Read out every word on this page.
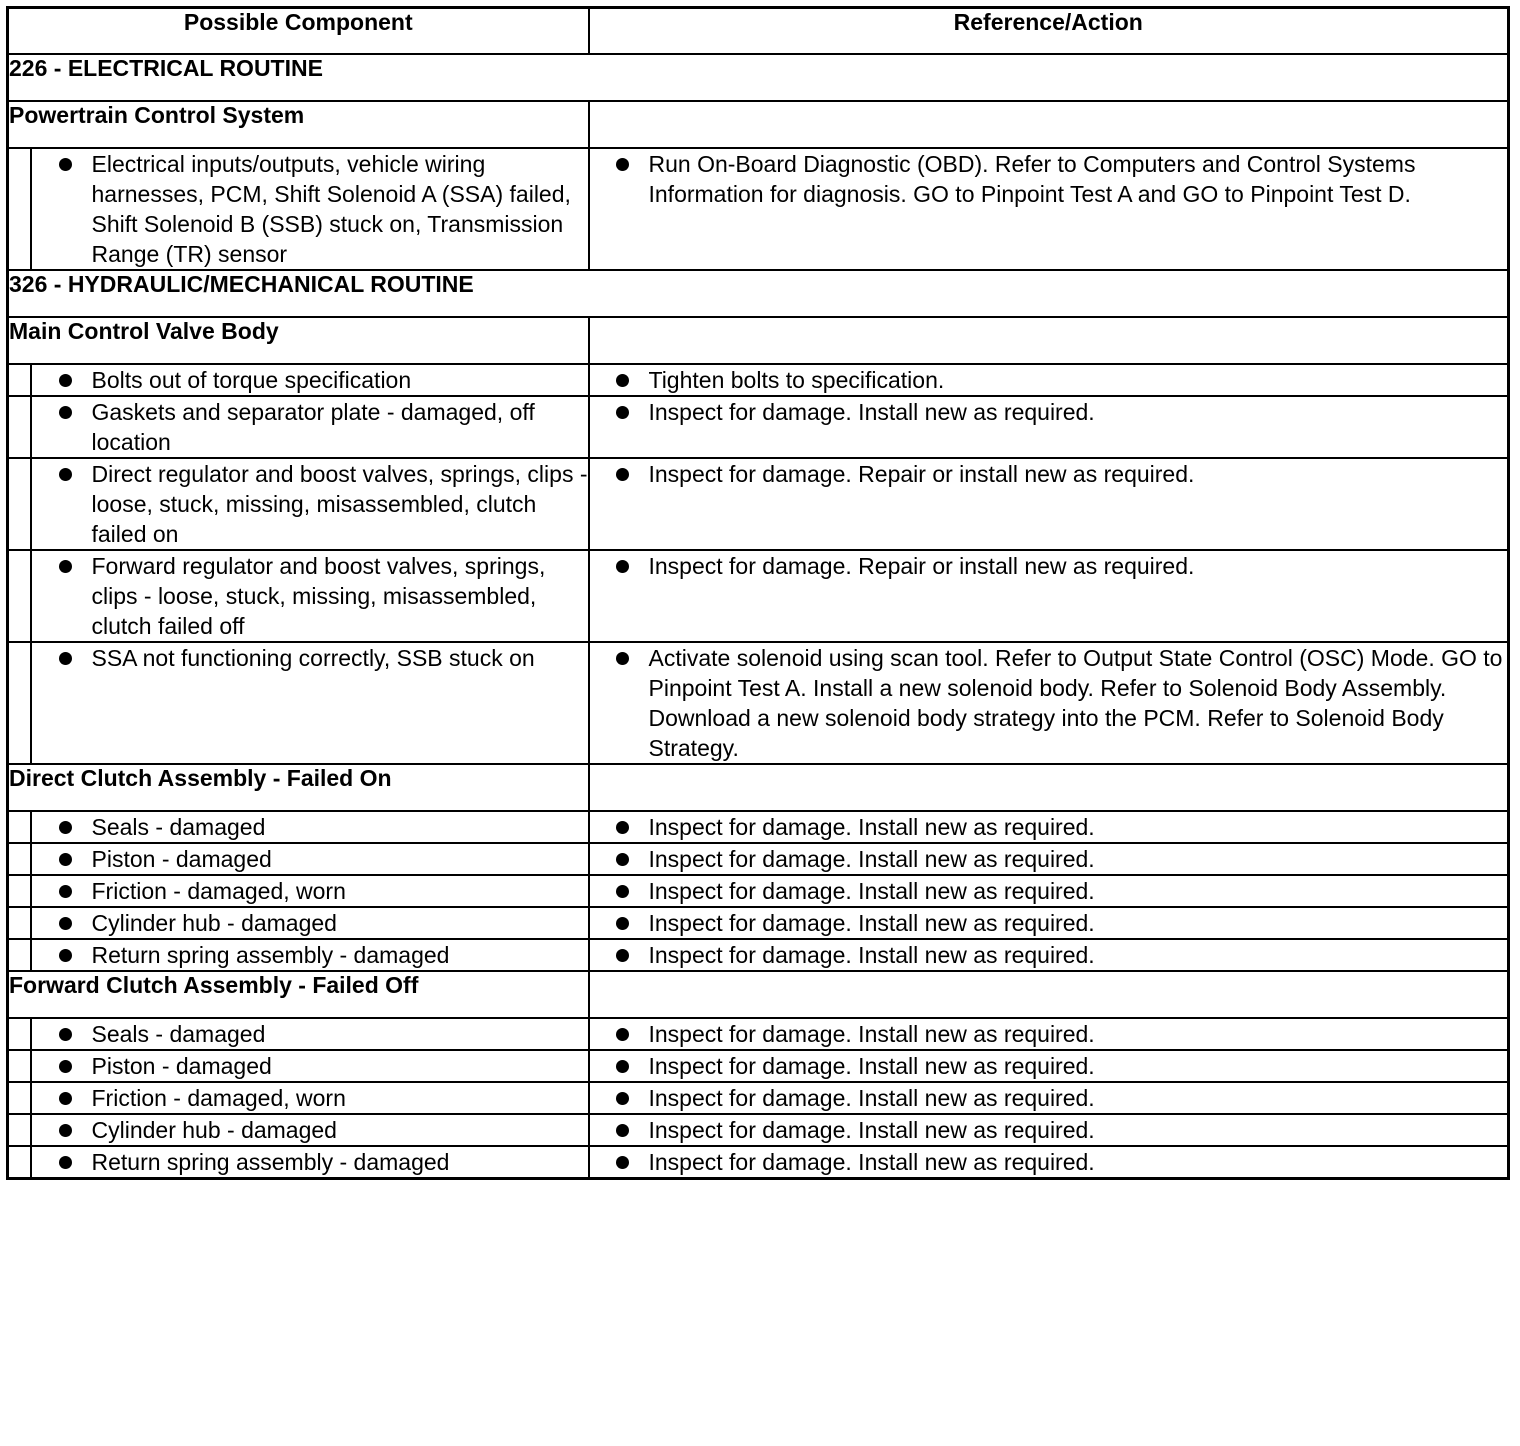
Possible Component		Reference/Action
226 - ELECTRICAL ROUTINE		
Powertrain Control System		

	Electrical inputs/outputs, vehicle wiring harnesses, PCM, Shift Solenoid A (SSA) failed, Shift Solenoid B (SSB) stuck on, Transmission Range (TR) sensor	Run On-Board Diagnostic (OBD). Refer to Computers and Control Systems Information for diagnosis. GO to Pinpoint Test A and GO to Pinpoint Test D.

326 - HYDRAULIC/MECHANICAL ROUTINE		
Main Control Valve Body		

	Bolts out of torque specification	Tighten bolts to specification.

	Gaskets and separator plate - damaged, off location	Inspect for damage. Install new as required.

	Direct regulator and boost valves, springs, clips - loose, stuck, missing, misassembled, clutch failed on	Inspect for damage. Repair or install new as required.

	Forward regulator and boost valves, springs, clips - loose, stuck, missing, misassembled, clutch failed off	Inspect for damage. Repair or install new as required.

	SSA not functioning correctly, SSB stuck on	Activate solenoid using scan tool. Refer to Output State Control (OSC) Mode. GO to Pinpoint Test A. Install a new solenoid body. Refer to Solenoid Body Assembly. Download a new solenoid body strategy into the PCM. Refer to Solenoid Body Strategy.

Direct Clutch Assembly - Failed On		

	Seals - damaged	Inspect for damage. Install new as required.

	Piston - damaged	Inspect for damage. Install new as required.

	Friction - damaged, worn	Inspect for damage. Install new as required.

	Cylinder hub - damaged	Inspect for damage. Install new as required.

	Return spring assembly - damaged	Inspect for damage. Install new as required.

Forward Clutch Assembly - Failed Off		

	Seals - damaged	Inspect for damage. Install new as required.

	Piston - damaged	Inspect for damage. Install new as required.

	Friction - damaged, worn	Inspect for damage. Install new as required.

	Cylinder hub - damaged	Inspect for damage. Install new as required.

	Return spring assembly - damaged	Inspect for damage. Install new as required.
